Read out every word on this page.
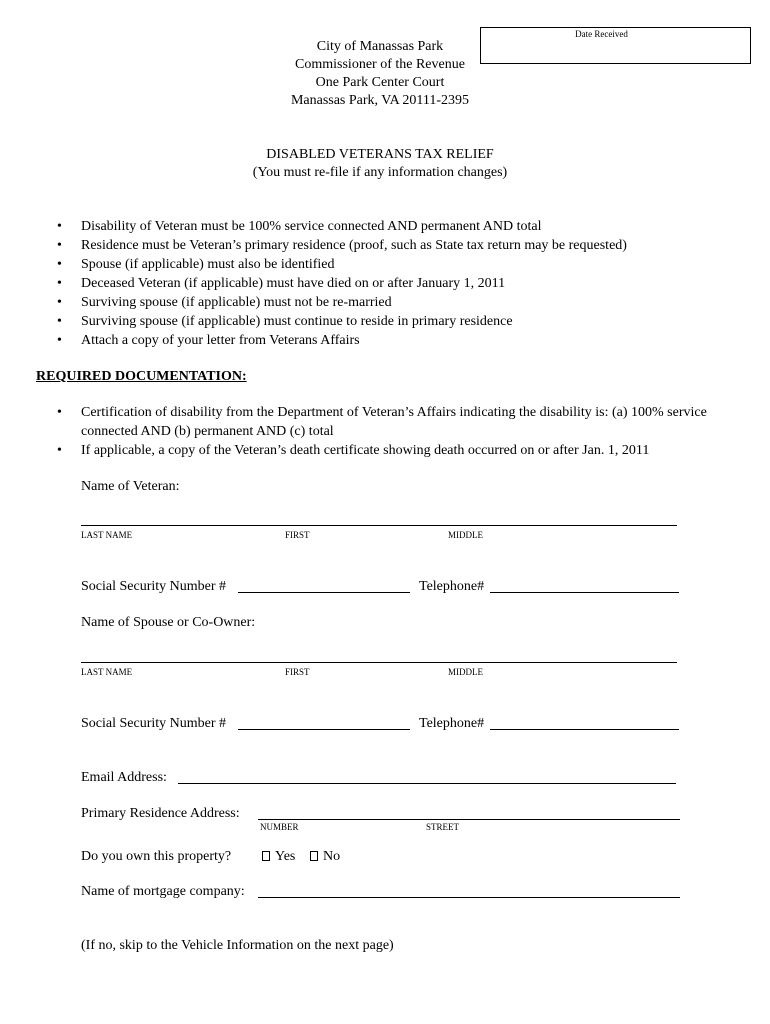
Date Received
City of Manassas Park
Commissioner of the Revenue
One Park Center Court
Manassas Park, VA 20111-2395
DISABLED VETERANS TAX RELIEF
(You must re-file if any information changes)
• Disability of Veteran must be 100% service connected AND permanent AND total
• Residence must be Veteran’s primary residence (proof, such as State tax return may be requested)
• Spouse (if applicable) must also be identified
• Deceased Veteran (if applicable) must have died on or after January 1, 2011
• Surviving spouse (if applicable) must not be re-married
• Surviving spouse (if applicable) must continue to reside in primary residence
• Attach a copy of your letter from Veterans Affairs
REQUIRED DOCUMENTATION:
• Certification of disability from the Department of Veteran’s Affairs indicating the disability is: (a) 100% service connected AND (b) permanent AND (c) total
• If applicable, a copy of the Veteran’s death certificate showing death occurred on or after Jan. 1, 2011
Name of Veteran:
LAST NAME	FIRST	MIDDLE
Social Security Number #	Telephone#
Name of Spouse or Co-Owner:
LAST NAME	FIRST	MIDDLE
Social Security Number #	Telephone#
Email Address:
Primary Residence Address:
NUMBER	STREET
Do you own this property?	Yes	No
Name of mortgage company:
(If no, skip to the Vehicle Information on the next page)
